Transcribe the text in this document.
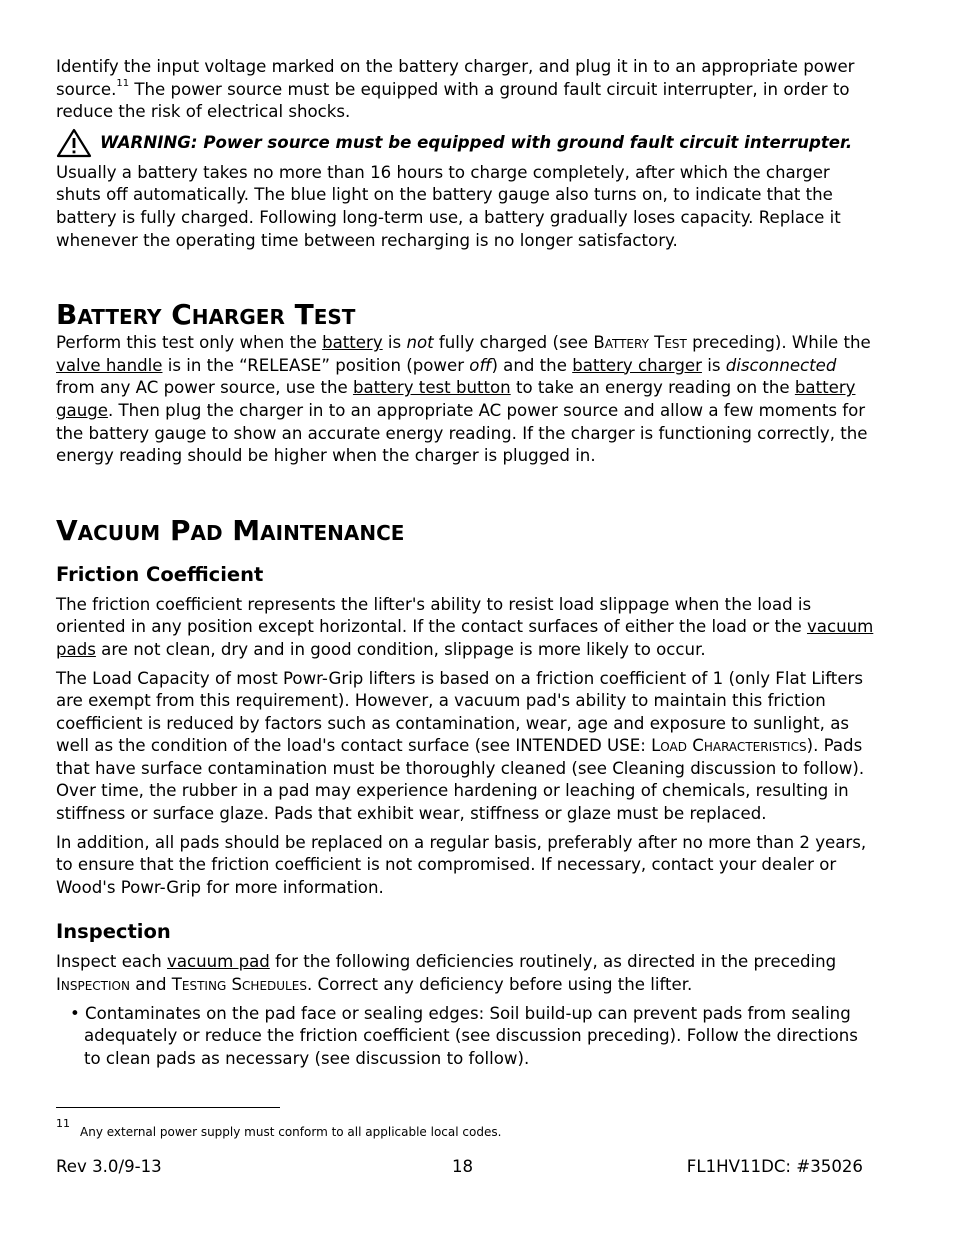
Identify the input voltage marked on the battery charger, and plug it in to an appropriate power source.$^{11}$ The power source must be equipped with a ground fault circuit interrupter, in order to reduce the risk of electrical shocks.

WARNING: Power source must be equipped with ground fault circuit interrupter.

Usually a battery takes no more than 16 hours to charge completely, after which the charger shuts off automatically. The blue light on the battery gauge also turns on, to indicate that the battery is fully charged. Following long-term use, a battery gradually loses capacity. Replace it whenever the operating time between recharging is no longer satisfactory.

Battery Charger Test

Perform this test only when the battery is not fully charged (see Battery Test preceding). While the valve handle is in the “RELEASE” position (power off) and the battery charger is disconnected from any AC power source, use the battery test button to take an energy reading on the battery gauge. Then plug the charger in to an appropriate AC power source and allow a few moments for the battery gauge to show an accurate energy reading. If the charger is functioning correctly, the energy reading should be higher when the charger is plugged in.

Vacuum Pad Maintenance
Friction Coefficient

The friction coefficient represents the lifter's ability to resist load slippage when the load is oriented in any position except horizontal. If the contact surfaces of either the load or the vacuum pads are not clean, dry and in good condition, slippage is more likely to occur.

The Load Capacity of most Powr-Grip lifters is based on a friction coefficient of 1 (only Flat Lifters are exempt from this requirement). However, a vacuum pad's ability to maintain this friction coefficient is reduced by factors such as contamination, wear, age and exposure to sunlight, as well as the condition of the load's contact surface (see INTENDED USE: Load Characteristics). Pads that have surface contamination must be thoroughly cleaned (see Cleaning discussion to follow). Over time, the rubber in a pad may experience hardening or leaching of chemicals, resulting in stiffness or surface glaze. Pads that exhibit wear, stiffness or glaze must be replaced.

In addition, all pads should be replaced on a regular basis, preferably after no more than 2 years, to ensure that the friction coefficient is not compromised. If necessary, contact your dealer or Wood's Powr-Grip for more information.

Inspection

Inspect each vacuum pad for the following deficiencies routinely, as directed in the preceding Inspection and Testing Schedules. Correct any deficiency before using the lifter.

• Contaminates on the pad face or sealing edges: Soil build-up can prevent pads from sealing adequately or reduce the friction coefficient (see discussion preceding). Follow the directions to clean pads as necessary (see discussion to follow).
$^{11}$Any external power supply must conform to all applicable local codes.
Rev 3.0/9-13	18	FL1HV11DC: #35026
